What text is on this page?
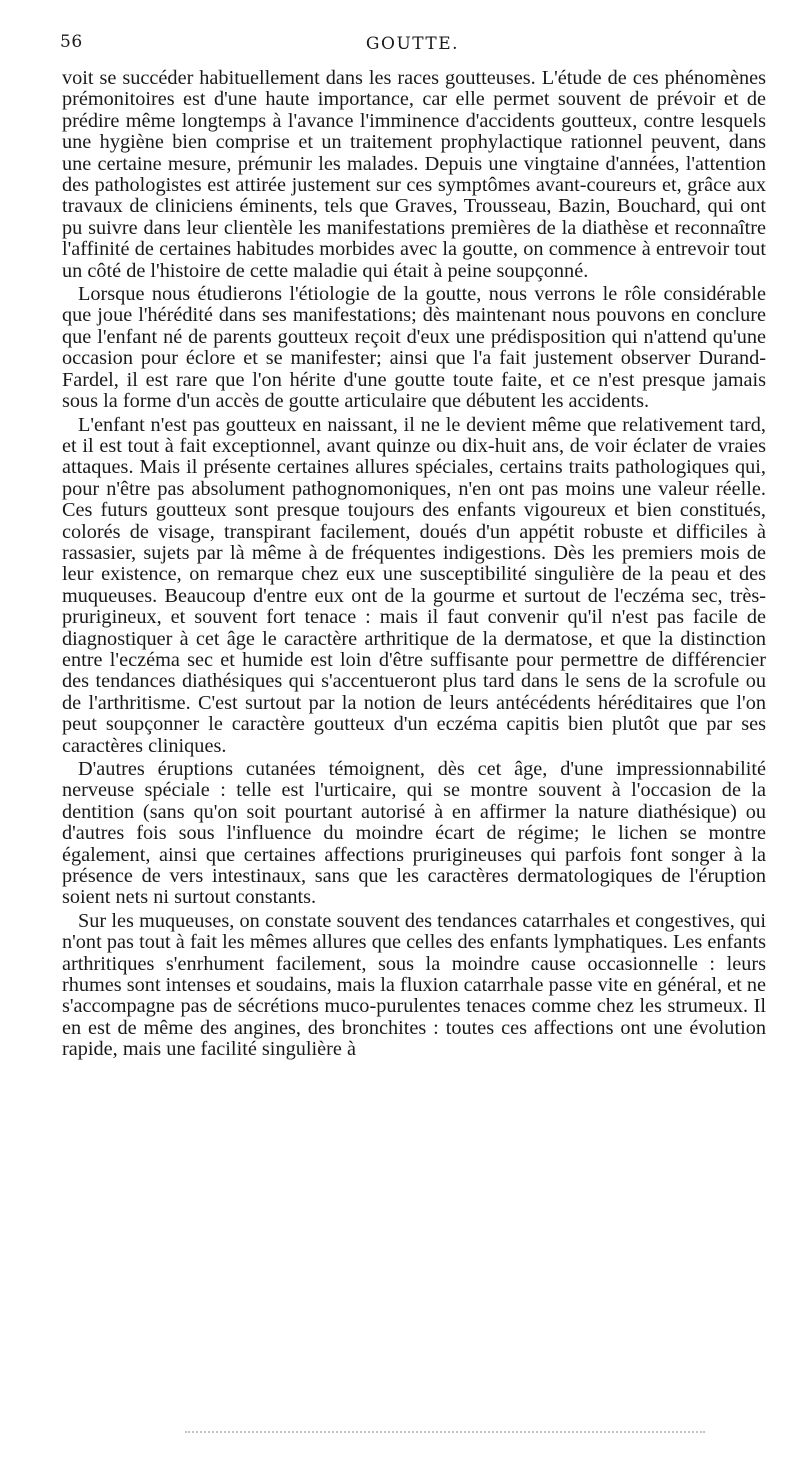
56	GOUTTE.

voit se succéder habituellement dans les races goutteuses. L'étude de ces phénomènes prémonitoires est d'une haute importance, car elle permet souvent de prévoir et de prédire même longtemps à l'avance l'imminence d'accidents goutteux, contre lesquels une hygiène bien comprise et un traitement prophylactique rationnel peuvent, dans une certaine mesure, prémunir les malades. Depuis une vingtaine d'années, l'attention des pathologistes est attirée justement sur ces symptômes avant-coureurs et, grâce aux travaux de cliniciens éminents, tels que Graves, Trousseau, Bazin, Bouchard, qui ont pu suivre dans leur clientèle les manifestations premières de la diathèse et reconnaître l'affinité de certaines habitudes morbides avec la goutte, on commence à entrevoir tout un côté de l'histoire de cette maladie qui était à peine soupçonné.

Lorsque nous étudierons l'étiologie de la goutte, nous verrons le rôle considérable que joue l'hérédité dans ses manifestations; dès maintenant nous pouvons en conclure que l'enfant né de parents goutteux reçoit d'eux une prédisposition qui n'attend qu'une occasion pour éclore et se manifester; ainsi que l'a fait justement observer Durand-Fardel, il est rare que l'on hérite d'une goutte toute faite, et ce n'est presque jamais sous la forme d'un accès de goutte articulaire que débutent les accidents.

L'enfant n'est pas goutteux en naissant, il ne le devient même que relativement tard, et il est tout à fait exceptionnel, avant quinze ou dix-huit ans, de voir éclater de vraies attaques. Mais il présente certaines allures spéciales, certains traits pathologiques qui, pour n'être pas absolument pathognomoniques, n'en ont pas moins une valeur réelle. Ces futurs goutteux sont presque toujours des enfants vigoureux et bien constitués, colorés de visage, transpirant facilement, doués d'un appétit robuste et difficiles à rassasier, sujets par là même à de fréquentes indigestions. Dès les premiers mois de leur existence, on remarque chez eux une susceptibilité singulière de la peau et des muqueuses. Beaucoup d'entre eux ont de la gourme et surtout de l'eczéma sec, très-prurigineux, et souvent fort tenace : mais il faut convenir qu'il n'est pas facile de diagnostiquer à cet âge le caractère arthritique de la dermatose, et que la distinction entre l'eczéma sec et humide est loin d'être suffisante pour permettre de différencier des tendances diathésiques qui s'accentueront plus tard dans le sens de la scrofule ou de l'arthritisme. C'est surtout par la notion de leurs antécédents héréditaires que l'on peut soupçonner le caractère goutteux d'un eczéma capitis bien plutôt que par ses caractères cliniques.

D'autres éruptions cutanées témoignent, dès cet âge, d'une impressionnabilité nerveuse spéciale : telle est l'urticaire, qui se montre souvent à l'occasion de la dentition (sans qu'on soit pourtant autorisé à en affirmer la nature diathésique) ou d'autres fois sous l'influence du moindre écart de régime; le lichen se montre également, ainsi que certaines affections prurigineuses qui parfois font songer à la présence de vers intestinaux, sans que les caractères dermatologiques de l'éruption soient nets ni surtout constants.

Sur les muqueuses, on constate souvent des tendances catarrhales et congestives, qui n'ont pas tout à fait les mêmes allures que celles des enfants lymphatiques. Les enfants arthritiques s'enrhument facilement, sous la moindre cause occasionnelle : leurs rhumes sont intenses et soudains, mais la fluxion catarrhale passe vite en général, et ne s'accompagne pas de sécrétions muco-purulentes tenaces comme chez les strumeux. Il en est de même des angines, des bronchites : toutes ces affections ont une évolution rapide, mais une facilité singulière à
